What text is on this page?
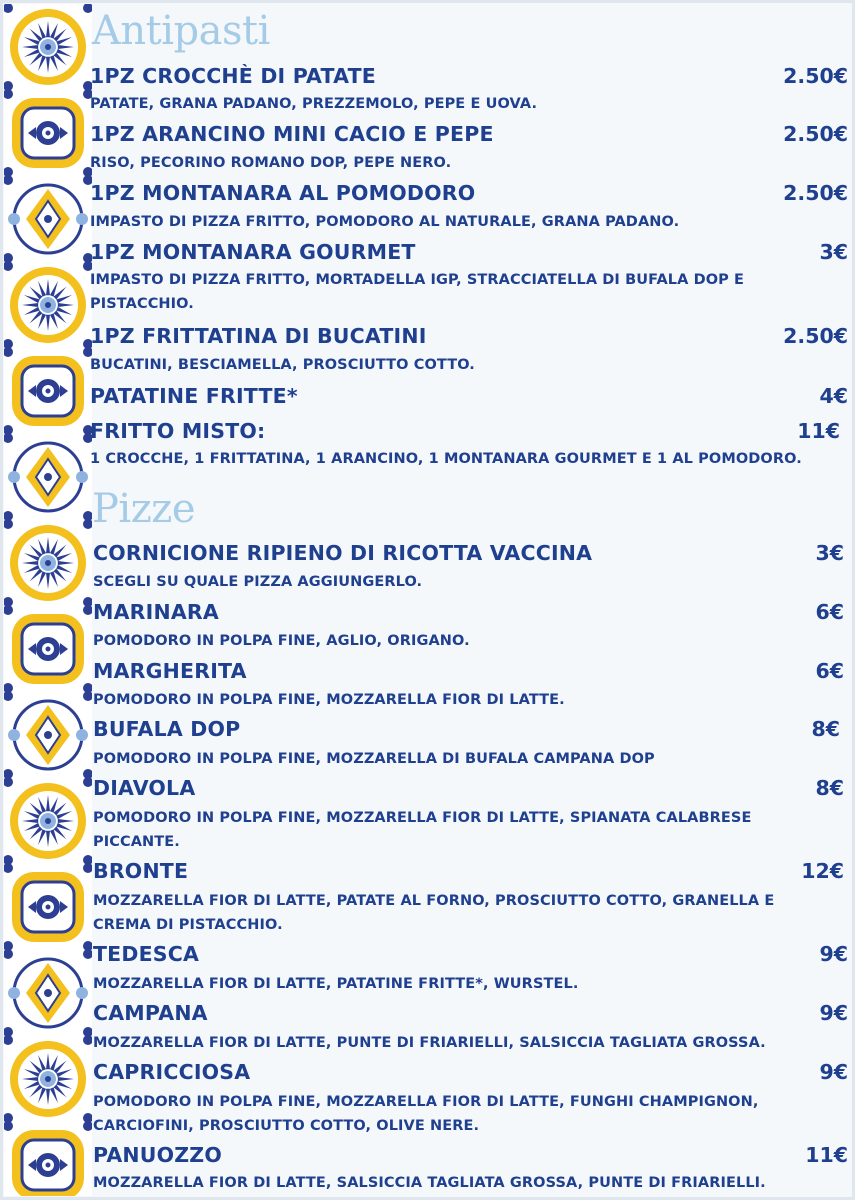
Antipasti
1PZ CROCCHÈ DI PATATE	2.50€
PATATE, GRANA PADANO, PREZZEMOLO, PEPE E UOVA.
1PZ ARANCINO MINI CACIO E PEPE	2.50€
RISO, PECORINO ROMANO DOP, PEPE NERO.
1PZ MONTANARA AL POMODORO	2.50€
IMPASTO DI PIZZA FRITTO, POMODORO AL NATURALE, GRANA PADANO.
1PZ MONTANARA GOURMET	3€
IMPASTO DI PIZZA FRITTO, MORTADELLA IGP, STRACCIATELLA DI BUFALA DOP E PISTACCHIO.
1PZ FRITTATINA DI BUCATINI	2.50€
BUCATINI, BESCIAMELLA, PROSCIUTTO COTTO.
PATATINE FRITTE*	4€
FRITTO MISTO:	11€
1 CROCCHE, 1 FRITTATINA, 1 ARANCINO, 1 MONTANARA GOURMET E 1 AL POMODORO.
Pizze
CORNICIONE RIPIENO DI RICOTTA VACCINA	3€
SCEGLI SU QUALE PIZZA AGGIUNGERLO.
MARINARA	6€
POMODORO IN POLPA FINE, AGLIO, ORIGANO.
MARGHERITA	6€
POMODORO IN POLPA FINE, MOZZARELLA FIOR DI LATTE.
BUFALA DOP	8€
POMODORO IN POLPA FINE, MOZZARELLA DI BUFALA CAMPANA DOP
DIAVOLA	8€
POMODORO IN POLPA FINE, MOZZARELLA FIOR DI LATTE, SPIANATA CALABRESE PICCANTE.
BRONTE	12€
MOZZARELLA FIOR DI LATTE, PATATE AL FORNO, PROSCIUTTO COTTO, GRANELLA E CREMA DI PISTACCHIO.
TEDESCA	9€
MOZZARELLA FIOR DI LATTE, PATATINE FRITTE*, WURSTEL.
CAMPANA	9€
MOZZARELLA FIOR DI LATTE, PUNTE DI FRIARIELLI, SALSICCIA TAGLIATA GROSSA.
CAPRICCIOSA	9€
POMODORO IN POLPA FINE, MOZZARELLA FIOR DI LATTE, FUNGHI CHAMPIGNON, CARCIOFINI, PROSCIUTTO COTTO, OLIVE NERE.
PANUOZZO	11€
MOZZARELLA FIOR DI LATTE, SALSICCIA TAGLIATA GROSSA, PUNTE DI FRIARIELLI.
